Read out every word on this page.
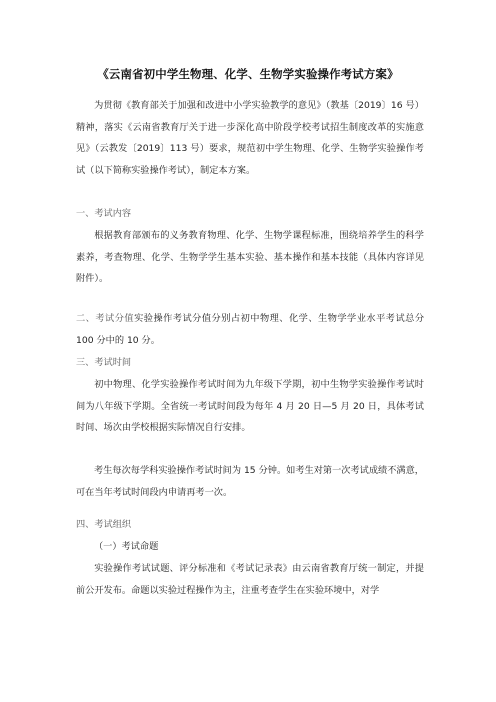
《云南省初中学生物理、化学、生物学实验操作考试方案》

为贯彻《教育部关于加强和改进中小学实验教学的意见》（教基〔2019〕16 号）精神，落实《云南省教育厅关于进一步深化高中阶段学校考试招生制度改革的实施意见》（云教发〔2019〕113 号）要求，规范初中学生物理、化学、生物学实验操作考试（以下简称实验操作考试），制定本方案。

一、考试内容

根据教育部颁布的义务教育物理、化学、生物学课程标准，围绕培养学生的科学素养，考查物理、化学、生物学学生基本实验、基本操作和基本技能（具体内容详见附件）。

二、考试分值实验操作考试分值分别占初中物理、化学、生物学学业水平考试总分 100 分中的 10 分。

三、考试时间

初中物理、化学实验操作考试时间为九年级下学期，初中生物学实验操作考试时间为八年级下学期。全省统一考试时间段为每年 4 月 20 日—5 月 20 日，具体考试时间、场次由学校根据实际情况自行安排。

考生每次每学科实验操作考试时间为 15 分钟。如考生对第一次考试成绩不满意，可在当年考试时间段内申请再考一次。

四、考试组织

（一）考试命题

实验操作考试试题、评分标准和《考试记录表》由云南省教育厅统一制定，并提前公开发布。命题以实验过程操作为主，注重考查学生在实验环境中，对学
